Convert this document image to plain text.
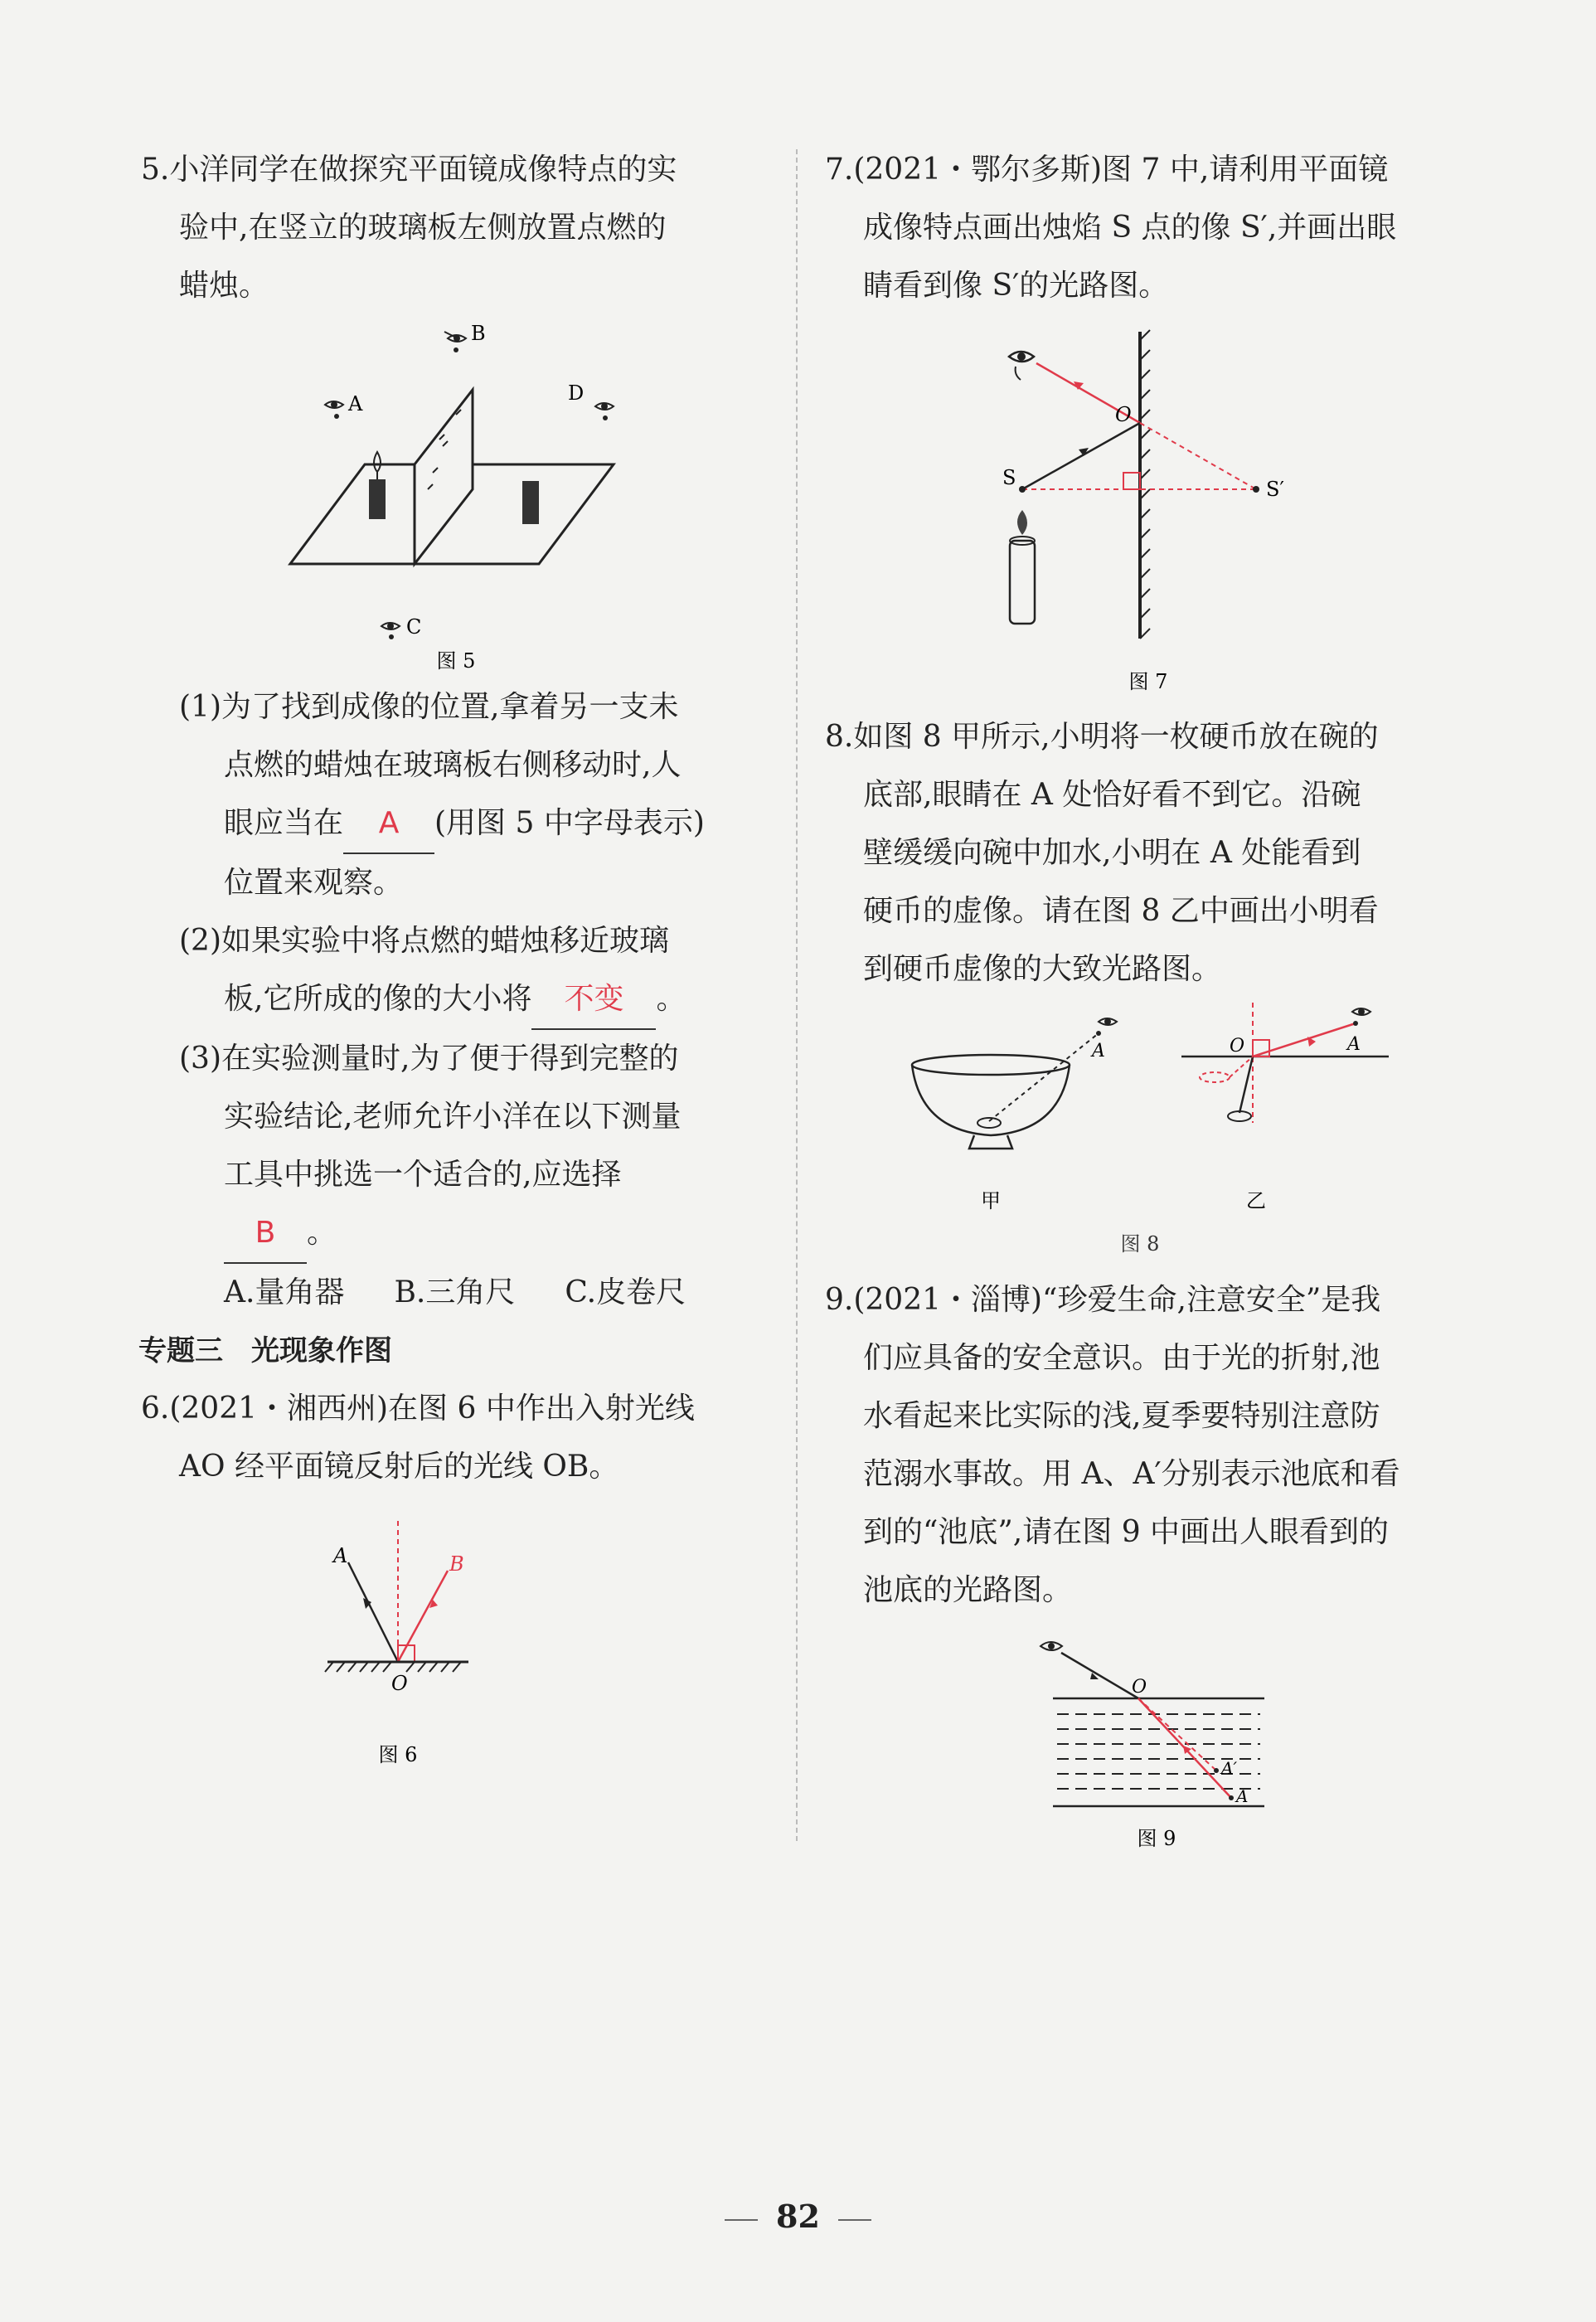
5.小洋同学在做探究平面镜成像特点的实

验中,在竖立的玻璃板左侧放置点燃的

蜡烛。

B
A	D
C
图 5

(1)为了找到成像的位置,拿着另一支未

点燃的蜡烛在玻璃板右侧移动时,人

眼应当在 A (用图 5 中字母表示)

位置来观察。

(2)如果实验中将点燃的蜡烛移近玻璃

板,它所成的像的大小将 不变 。

(3)在实验测量时,为了便于得到完整的

实验结论,老师允许小洋在以下测量

工具中挑选一个适合的,应选择

B 。

A.量角器 B.三角尺 C.皮卷尺

专题三　光现象作图

6.(2021・湘西州)在图 6 中作出入射光线

AO 经平面镜反射后的光线 OB。

A	B
O
图 6

7.(2021・鄂尔多斯)图 7 中,请利用平面镜

成像特点画出烛焰 S 点的像 S′,并画出眼

睛看到像 S′的光路图。

O
S	S′
图 7

8.如图 8 甲所示,小明将一枚硬币放在碗的

底部,眼睛在 A 处恰好看不到它。沿碗

壁缓缓向碗中加水,小明在 A 处能看到

硬币的虚像。请在图 8 乙中画出小明看

到硬币虚像的大致光路图。

A
甲
O	A
乙
图 8

9.(2021・淄博)“珍爱生命,注意安全”是我

们应具备的安全意识。由于光的折射,池

水看起来比实际的浅,夏季要特别注意防

范溺水事故。用 A、A′分别表示池底和看

到的“池底”,请在图 9 中画出人眼看到的

池底的光路图。

O
A′
A
图 9
82
